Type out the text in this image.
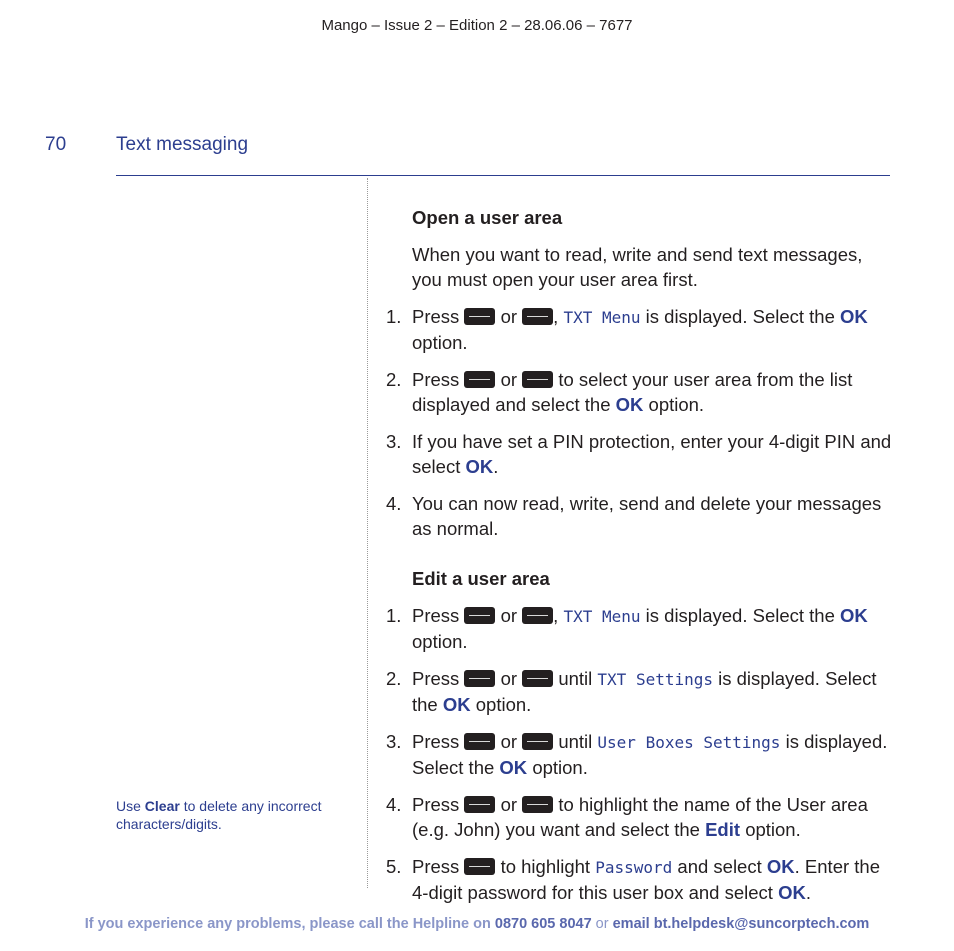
Mango – Issue 2 – Edition 2 – 28.06.06 – 7677
70	Text messaging
Use Clear to delete any incorrect characters/digits.
Open a user area
When you want to read, write and send text messages, you must open your user area first.
1. Press or , TXT Menu is displayed. Select the OK option.
2. Press or to select your user area from the list displayed and select the OK option.
3. If you have set a PIN protection, enter your 4-digit PIN and select OK.
4. You can now read, write, send and delete your messages as normal.
Edit a user area
1. Press or , TXT Menu is displayed. Select the OK option.
2. Press or until TXT Settings is displayed. Select the OK option.
3. Press or until User Boxes Settings is displayed. Select the OK option.
4. Press or to highlight the name of the User area (e.g. John) you want and select the Edit option.
5. Press to highlight Password and select OK. Enter the 4-digit password for this user box and select OK.
If you experience any problems, please call the Helpline on 0870 605 8047 or email bt.helpdesk@suncorptech.com
